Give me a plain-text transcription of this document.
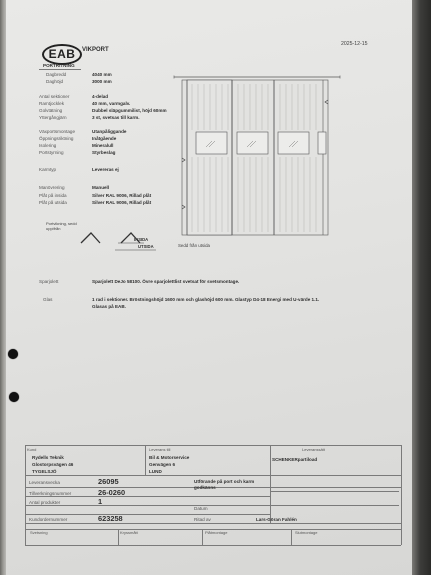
EAB	VIKPORT
PORTRITNING
2025-12-15
Dagbredd	4040 mm
Daghöjd	3000 mm
Antal sektioner	4-delad
Ramtjocklek	40 mm, varmgalv.
Golvtätning	Dubbel släpgummilist, höjd 60mm
Yttergångjärn	3 st, svetsas till karm.
Växportsmontage	Utanpåliggande
Öppningsriktning	Inåtgående
Isolering	Mineralull
Portstyrning	Styrbeslag
Karmtyp	Levereras ej
Manövrering	Manuell
Plåt på insida	Silver RAL 9006, Rillad plåt
Plåt på utsida	Silver RAL 9006, Rillad plåt
Portvikning, sedd uppifrån
INSIDA
UTSIDA	Sedd från utsida
Sparjolett	Sparjolett DeJo 58100. Övre sparjolettlist svetsat för svetsmontage.
Glas	1 rad i sektioner. Bröstningshöjd 1600 mm och glashöjd 600 mm. Glastyp D4-18 Energi med U-värde 1.1.
Glasas på EAB.
Kund
Rydells Teknik
Glostorpsvägen 46
TYGELSJÖ
Leverans till
Bil & Motorservice
Genvägen 6
LUND
Leveranssätt
SCHENKERpartiload
Leveransvecka	26095
Tillverkningsnummer	26-0260
Antal produkter	1
Kundordernummer	623258
Utförande på port och karm godkänns
Datum
Ritad av	Lars-Göran Fahlén
Svetsning	Kryssmått	Plåtmontage	Slutmontage
